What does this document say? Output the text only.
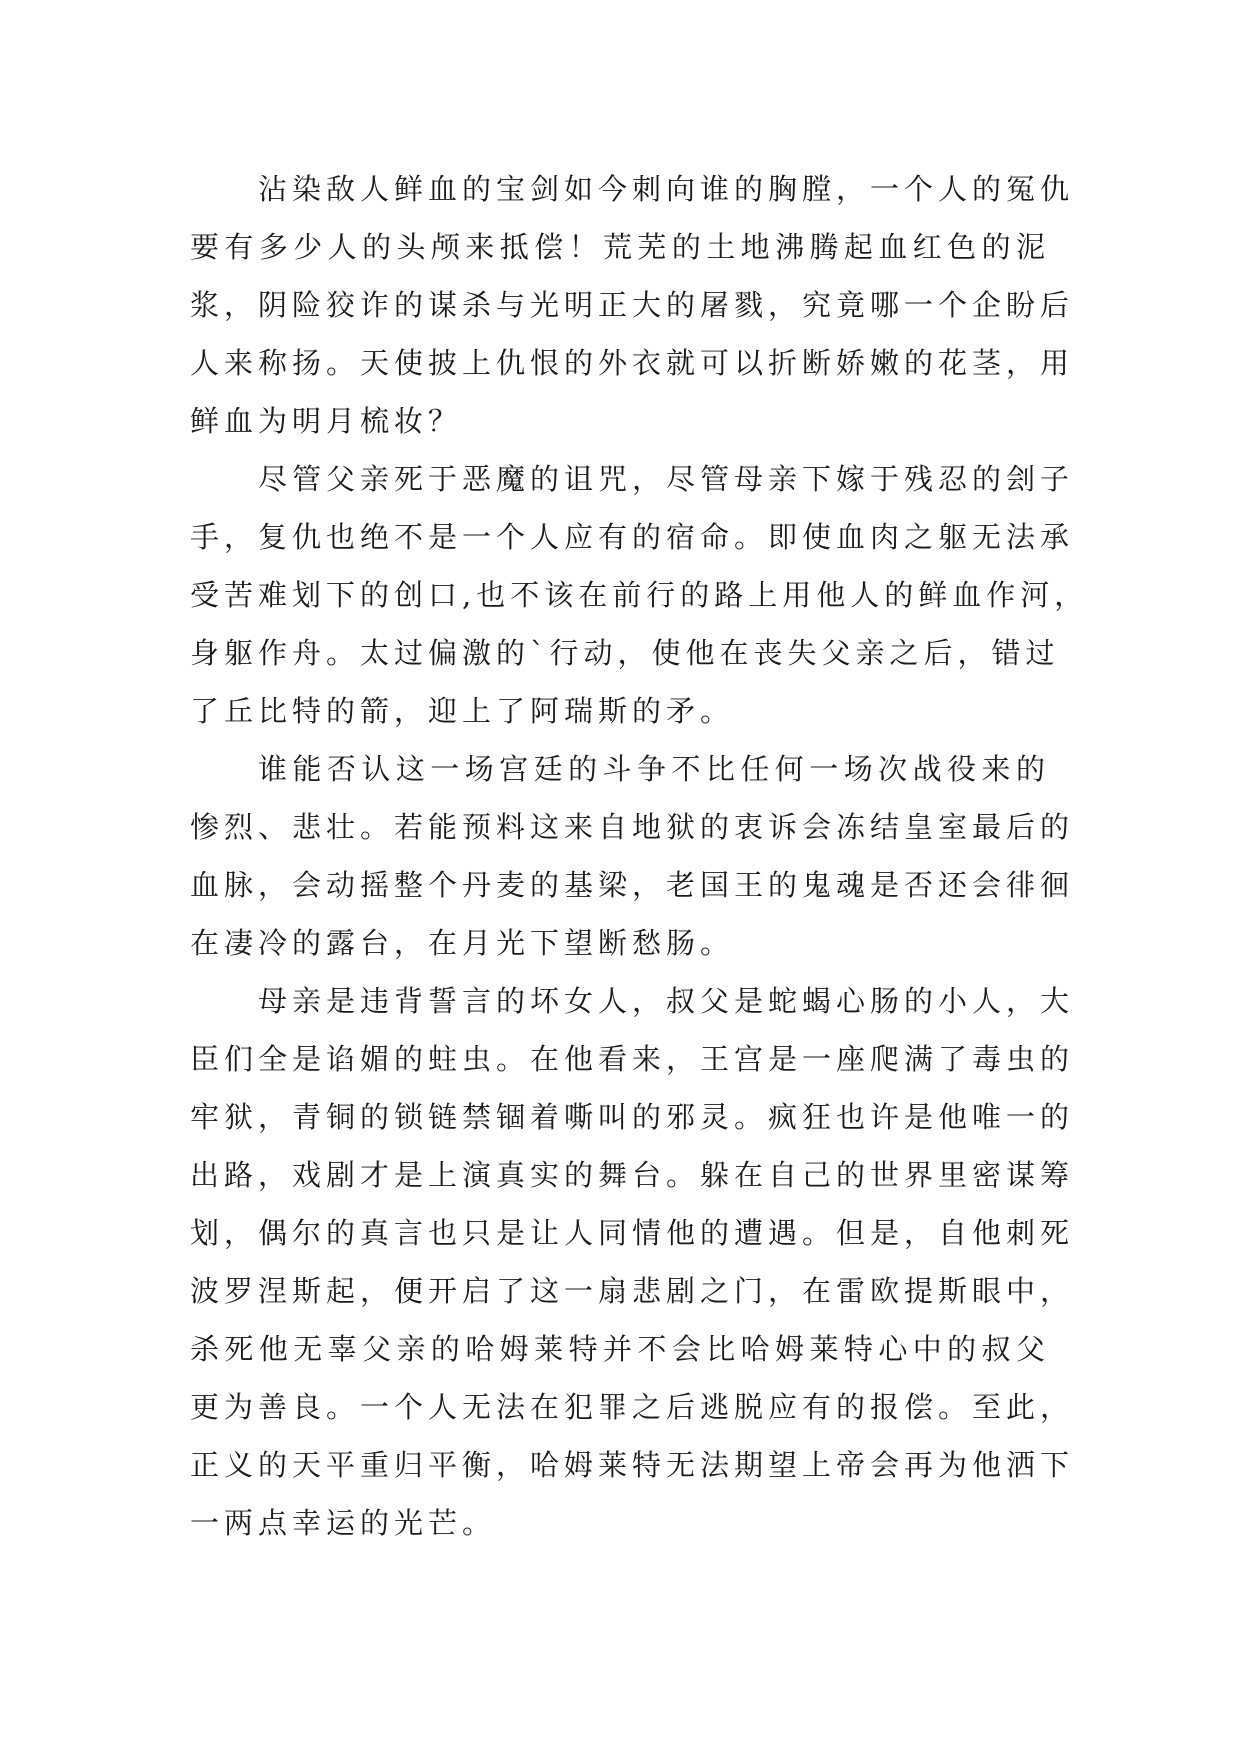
沾染敌人鲜血的宝剑如今刺向谁的胸膛，一个人的冤仇
要有多少人的头颅来抵偿！荒芜的土地沸腾起血红色的泥
浆，阴险狡诈的谋杀与光明正大的屠戮，究竟哪一个企盼后
人来称扬。天使披上仇恨的外衣就可以折断娇嫩的花茎，用
鲜血为明月梳妆？
尽管父亲死于恶魔的诅咒，尽管母亲下嫁于残忍的刽子
手，复仇也绝不是一个人应有的宿命。即使血肉之躯无法承
受苦难划下的创口,也不该在前行的路上用他人的鲜血作河，
身躯作舟。太过偏激的`行动，使他在丧失父亲之后，错过
了丘比特的箭，迎上了阿瑞斯的矛。
谁能否认这一场宫廷的斗争不比任何一场次战役来的
惨烈、悲壮。若能预料这来自地狱的衷诉会冻结皇室最后的
血脉，会动摇整个丹麦的基梁，老国王的鬼魂是否还会徘徊
在凄冷的露台，在月光下望断愁肠。
母亲是违背誓言的坏女人，叔父是蛇蝎心肠的小人，大
臣们全是谄媚的蛀虫。在他看来，王宫是一座爬满了毒虫的
牢狱，青铜的锁链禁锢着嘶叫的邪灵。疯狂也许是他唯一的
出路，戏剧才是上演真实的舞台。躲在自己的世界里密谋筹
划，偶尔的真言也只是让人同情他的遭遇。但是，自他刺死
波罗涅斯起，便开启了这一扇悲剧之门，在雷欧提斯眼中，
杀死他无辜父亲的哈姆莱特并不会比哈姆莱特心中的叔父
更为善良。一个人无法在犯罪之后逃脱应有的报偿。至此，
正义的天平重归平衡，哈姆莱特无法期望上帝会再为他洒下
一两点幸运的光芒。
